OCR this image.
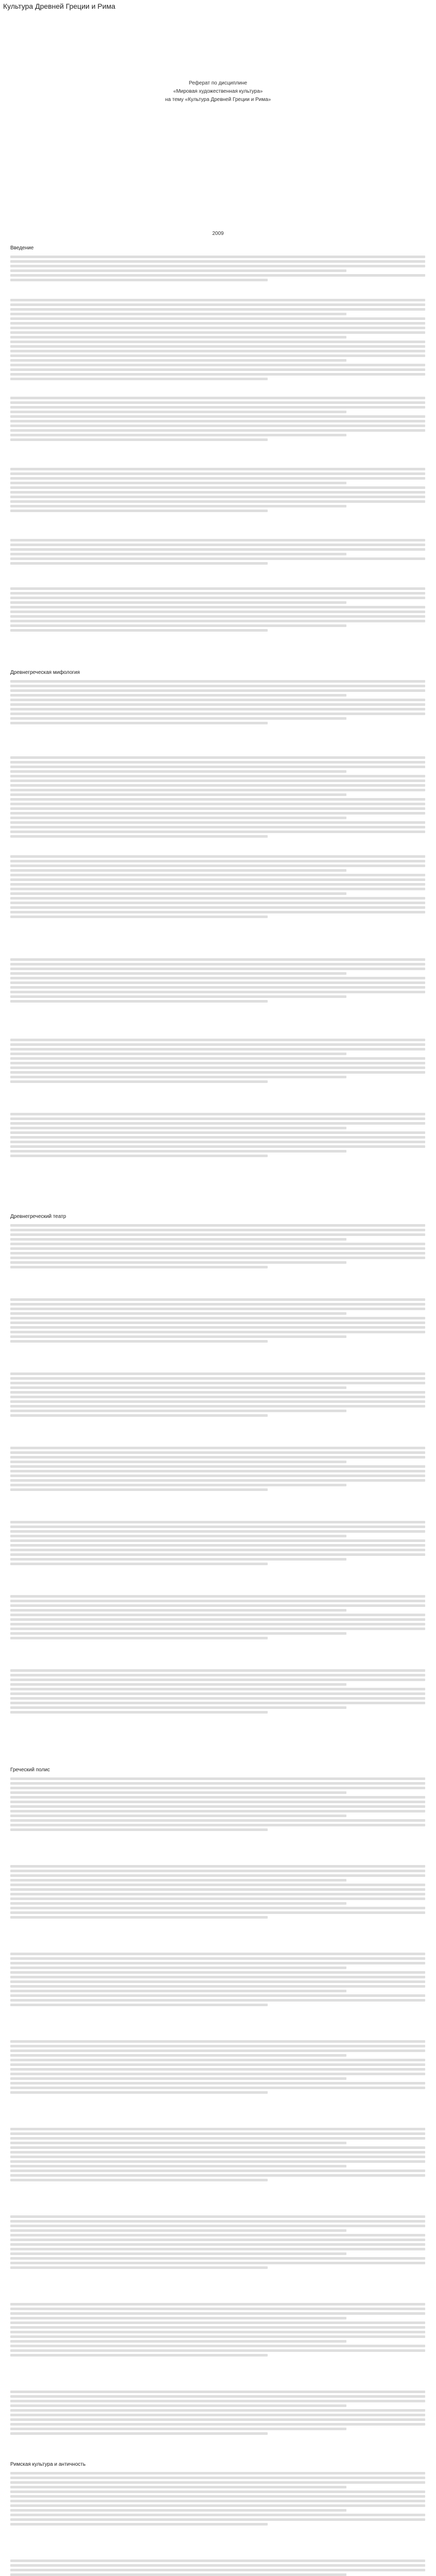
Культура Древней Греции и Рима
Реферат по дисциплине
«Мировая художественная культура»
на тему «Культура Древней Греции и Рима»
2009
Введение
Древнегреческая мифология
Древнегреческий театр
Греческий полис
Римская культура и античность
